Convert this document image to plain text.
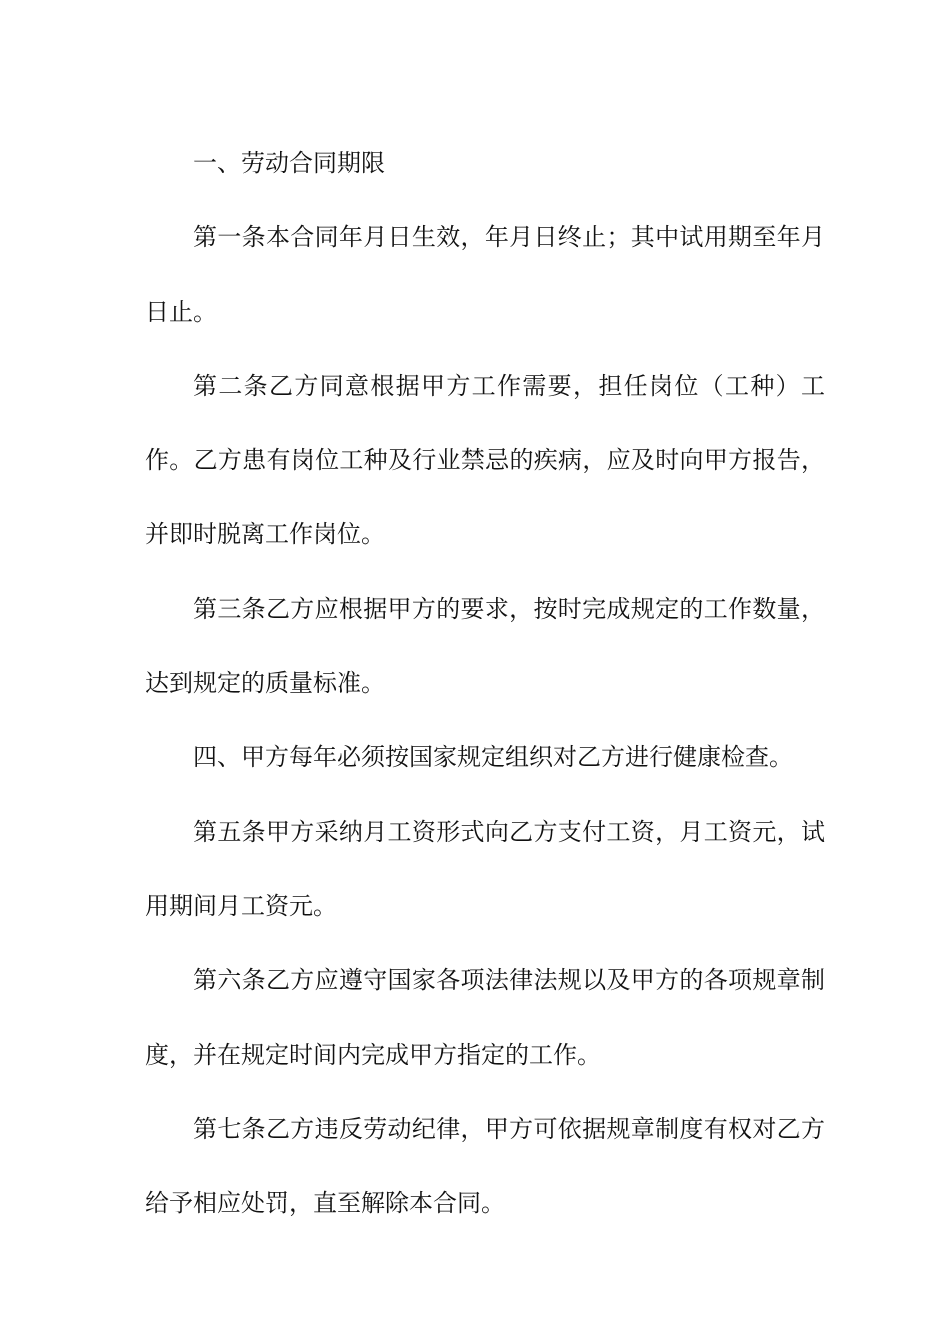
一、劳动合同期限

第一条本合同年月日生效，年月日终止；其中试用期至年月日止。

第二条乙方同意根据甲方工作需要，担任岗位（工种）工作。乙方患有岗位工种及行业禁忌的疾病，应及时向甲方报告，并即时脱离工作岗位。

第三条乙方应根据甲方的要求，按时完成规定的工作数量，达到规定的质量标准。

四、甲方每年必须按国家规定组织对乙方进行健康检查。

第五条甲方采纳月工资形式向乙方支付工资，月工资元，试用期间月工资元。

第六条乙方应遵守国家各项法律法规以及甲方的各项规章制度，并在规定时间内完成甲方指定的工作。

第七条乙方违反劳动纪律，甲方可依据规章制度有权对乙方给予相应处罚，直至解除本合同。
